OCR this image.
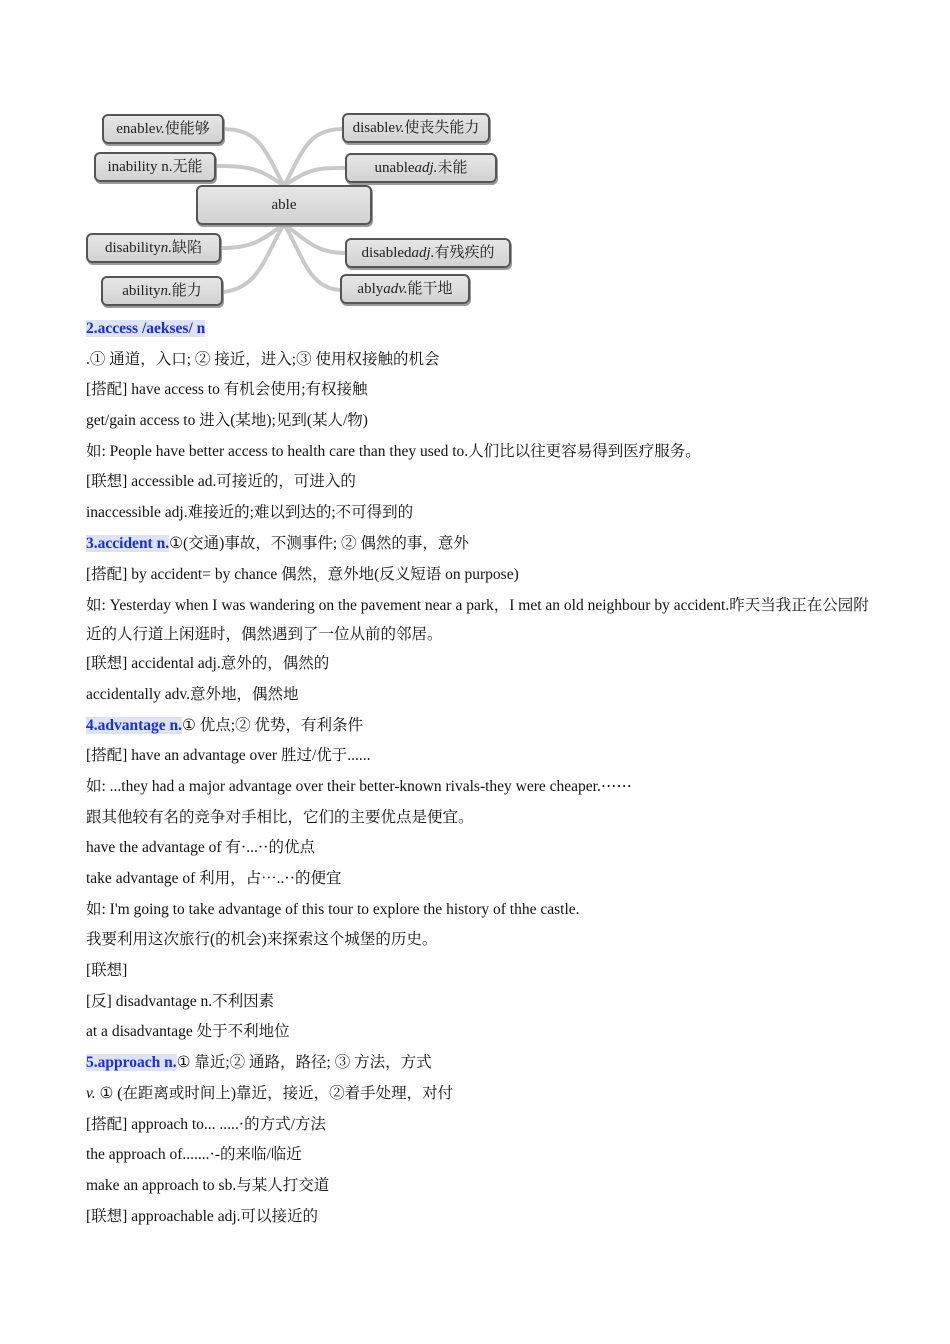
enable v. 使能够
inability n. 无能
able
disability n. 缺陷
ability n. 能力
disable v. 使丧失能力
unable adj. 未能
disabled adj. 有残疾的
ably adv. 能干地
2.access /aekses/ n
.① 通道，入口; ② 接近，进入;③ 使用权接触的机会
[搭配] have access to 有机会使用;有权接触
get/gain access to 进入(某地);见到(某人/物)
如: People have better access to health care than they used to.人们比以往更容易得到医疗服务。
[联想] accessible ad.可接近的，可进入的
inaccessible adj.难接近的;难以到达的;不可得到的
3.accident n.①(交通)事故，不测事件; ② 偶然的事，意外
[搭配] by accident= by chance 偶然，意外地(反义短语 on purpose)
如: Yesterday when I was wandering on the pavement near a park，I met an old neighbour by accident.昨天当我正在公园附近的人行道上闲逛时，偶然遇到了一位从前的邻居。
[联想] accidental adj.意外的，偶然的
accidentally adv.意外地，偶然地
4.advantage n.① 优点;② 优势，有利条件
[搭配] have an advantage over 胜过/优于......
如: ...they had a major advantage over their better-known rivals-they were cheaper.⋯⋯
跟其他较有名的竞争对手相比，它们的主要优点是便宜。
have the advantage of 有⋅...⋅⋅的优点
take advantage of 利用，占⋯..⋅⋅的便宜
如: I'm going to take advantage of this tour to explore the history of thhe castle.
我要利用这次旅行(的机会)来探索这个城堡的历史。
[联想]
[反] disadvantage n.不利因素
at a disadvantage 处于不利地位
5.approach n.① 靠近;② 通路，路径; ③ 方法，方式
v. ① (在距离或时间上)靠近，接近，②着手处理，对付
[搭配] approach to... .....⋅的方式/方法
the approach of.......⋅-的来临/临近
make an approach to sb.与某人打交道
[联想] approachable adj.可以接近的
